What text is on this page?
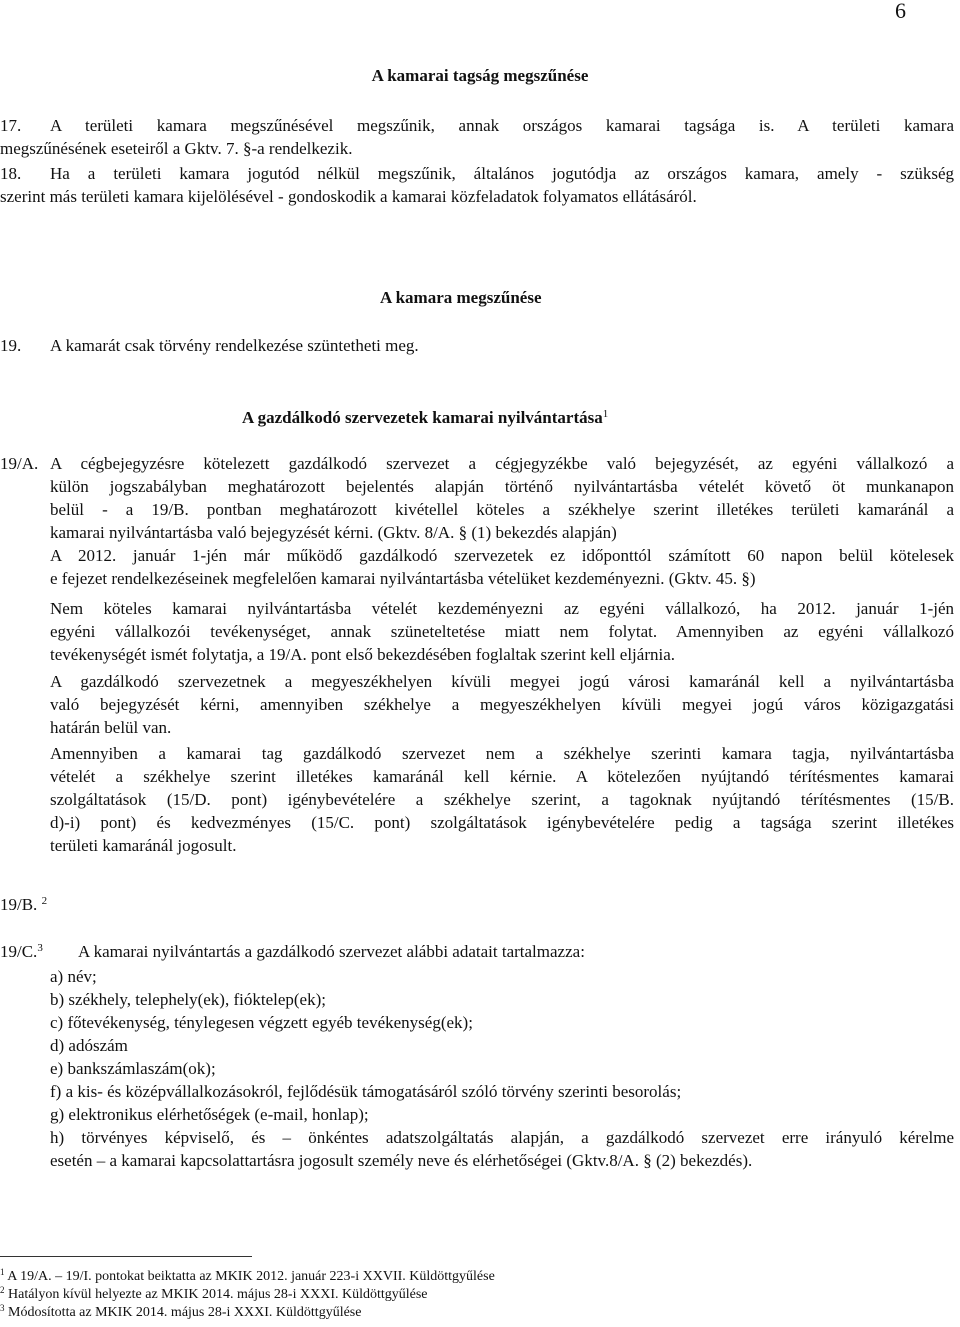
6
A kamarai tagság megszűnése
17. A területi kamara megszűnésével megszűnik, annak országos kamarai tagsága is. A területi kamara
megszűnésének eseteiről a Gktv. 7. §-a rendelkezik.
18. Ha a területi kamara jogutód nélkül megszűnik, általános jogutódja az országos kamara, amely - szükség
szerint más területi kamara kijelölésével - gondoskodik a kamarai közfeladatok folyamatos ellátásáról.
A kamara megszűnése
19. A kamarát csak törvény rendelkezése szüntetheti meg.
A gazdálkodó szervezetek kamarai nyilvántartása$^1$
19/A. A cégbejegyzésre kötelezett gazdálkodó szervezet a cégjegyzékbe való bejegyzését, az egyéni vállalkozó a
külön jogszabályban meghatározott bejelentés alapján történő nyilvántartásba vételét követő öt munkanapon
belül - a 19/B. pontban meghatározott kivétellel köteles a székhelye szerint illetékes területi kamaránál a
kamarai nyilvántartásba való bejegyzését kérni. (Gktv. 8/A. § (1) bekezdés alapján)
A 2012. január 1-jén már működő gazdálkodó szervezetek ez időponttól számított 60 napon belül kötelesek
e fejezet rendelkezéseinek megfelelően kamarai nyilvántartásba vételüket kezdeményezni. (Gktv. 45. §)
Nem köteles kamarai nyilvántartásba vételét kezdeményezni az egyéni vállalkozó, ha 2012. január 1-jén
egyéni vállalkozói tevékenységet, annak szüneteltetése miatt nem folytat. Amennyiben az egyéni vállalkozó
tevékenységét ismét folytatja, a 19/A. pont első bekezdésében foglaltak szerint kell eljárnia.
A gazdálkodó szervezetnek a megyeszékhelyen kívüli megyei jogú városi kamaránál kell a nyilvántartásba
való bejegyzését kérni, amennyiben székhelye a megyeszékhelyen kívüli megyei jogú város közigazgatási
határán belül van.
Amennyiben a kamarai tag gazdálkodó szervezet nem a székhelye szerinti kamara tagja, nyilvántartásba
vételét a székhelye szerint illetékes kamaránál kell kérnie. A kötelezően nyújtandó térítésmentes kamarai
szolgáltatások (15/D. pont) igénybevételére a székhelye szerint, a tagoknak nyújtandó térítésmentes (15/B.
d)-i) pont) és kedvezményes (15/C. pont) szolgáltatások igénybevételére pedig a tagsága szerint illetékes
területi kamaránál jogosult.
19/B. $^2$
19/C.$^3$ A kamarai nyilvántartás a gazdálkodó szervezet alábbi adatait tartalmazza:
a) név;
b) székhely, telephely(ek), fióktelep(ek);
c) főtevékenység, ténylegesen végzett egyéb tevékenység(ek);
d) adószám
e) bankszámlaszám(ok);
f) a kis- és középvállalkozásokról, fejlődésük támogatásáról szóló törvény szerinti besorolás;
g) elektronikus elérhetőségek (e-mail, honlap);
h) törvényes képviselő, és – önkéntes adatszolgáltatás alapján, a gazdálkodó szervezet erre irányuló kérelme
esetén – a kamarai kapcsolattartásra jogosult személy neve és elérhetőségei (Gktv.8/A. § (2) bekezdés).
$^1$ A 19/A. – 19/I. pontokat beiktatta az MKIK 2012. január 223-i XXVII. Küldöttgyűlése
$^2$ Hatályon kívül helyezte az MKIK 2014. május 28-i XXXI. Küldöttgyűlése
$^3$ Módosította az MKIK 2014. május 28-i XXXI. Küldöttgyűlése
